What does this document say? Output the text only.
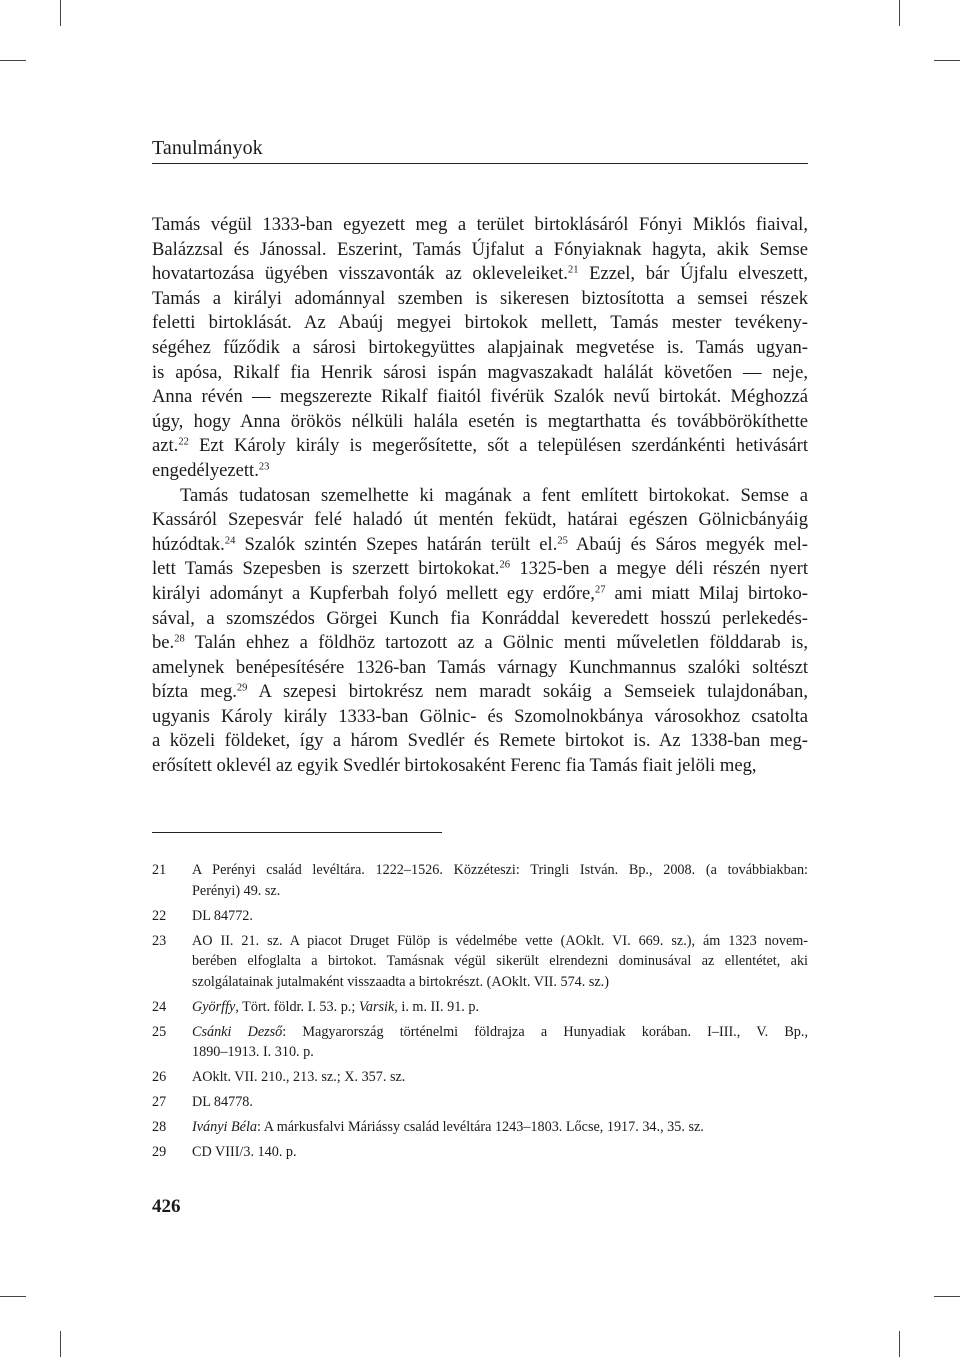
Tanulmányok
Tamás végül 1333-ban egyezett meg a terület birtoklásáról Fónyi Miklós fiaival,
Balázzsal és Jánossal. Eszerint, Tamás Újfalut a Fónyiaknak hagyta, akik Semse
hovatartozása ügyében visszavonták az okleveleiket.$^{21}$ Ezzel, bár Újfalu elveszett,
Tamás a királyi adománnyal szemben is sikeresen biztosította a semsei részek
feletti birtoklását. Az Abaúj megyei birtokok mellett, Tamás mester tevékeny-
ségéhez fűződik a sárosi birtokegyüttes alapjainak megvetése is. Tamás ugyan-
is apósa, Rikalf fia Henrik sárosi ispán magvaszakadt halálát követően — neje,
Anna révén — megszerezte Rikalf fiaitól fivérük Szalók nevű birtokát. Méghozzá
úgy, hogy Anna örökös nélküli halála esetén is megtarthatta és továbbörökíthette
azt.$^{22}$ Ezt Károly király is megerősítette, sőt a településen szerdánkénti hetivásárt
engedélyezett.$^{23}$
Tamás tudatosan szemelhette ki magának a fent említett birtokokat. Semse a
Kassáról Szepesvár felé haladó út mentén feküdt, határai egészen Gölnicbányáig
húzódtak.$^{24}$ Szalók szintén Szepes határán terült el.$^{25}$ Abaúj és Sáros megyék mel-
lett Tamás Szepesben is szerzett birtokokat.$^{26}$ 1325-ben a megye déli részén nyert
királyi adományt a Kupferbah folyó mellett egy erdőre,$^{27}$ ami miatt Milaj birtoko-
sával, a szomszédos Görgei Kunch fia Konráddal keveredett hosszú perlekedés-
be.$^{28}$ Talán ehhez a földhöz tartozott az a Gölnic menti műveletlen földdarab is,
amelynek benépesítésére 1326-ban Tamás várnagy Kunchmannus szalóki soltészt
bízta meg.$^{29}$ A szepesi birtokrész nem maradt sokáig a Semseiek tulajdonában,
ugyanis Károly király 1333-ban Gölnic- és Szomolnokbánya városokhoz csatolta
a közeli földeket, így a három Svedlér és Remete birtokot is. Az 1338-ban meg-
erősített oklevél az egyik Svedlér birtokosaként Ferenc fia Tamás fiait jelöli meg,
21	A Perényi család levéltára. 1222–1526. Közzéteszi: Tringli István. Bp., 2008. (a továbbiakban:
Perényi) 49. sz.
22	DL 84772.
23	AO II. 21. sz. A piacot Druget Fülöp is védelmébe vette (AOklt. VI. 669. sz.), ám 1323 novem-
berében elfoglalta a birtokot. Tamásnak végül sikerült elrendezni dominusával az ellentétet, aki
szolgálatainak jutalmaként visszaadta a birtokrészt. (AOklt. VII. 574. sz.)
24	Györffy, Tört. földr. I. 53. p.; Varsik, i. m. II. 91. p.
25	Csánki Dezső: Magyarország történelmi földrajza a Hunyadiak korában. I–III., V. Bp.,
1890–1913. I. 310. p.
26	AOklt. VII. 210., 213. sz.; X. 357. sz.
27	DL 84778.
28	Iványi Béla: A márkusfalvi Máriássy család levéltára 1243–1803. Lőcse, 1917. 34., 35. sz.
29	CD VIII/3. 140. p.
426
